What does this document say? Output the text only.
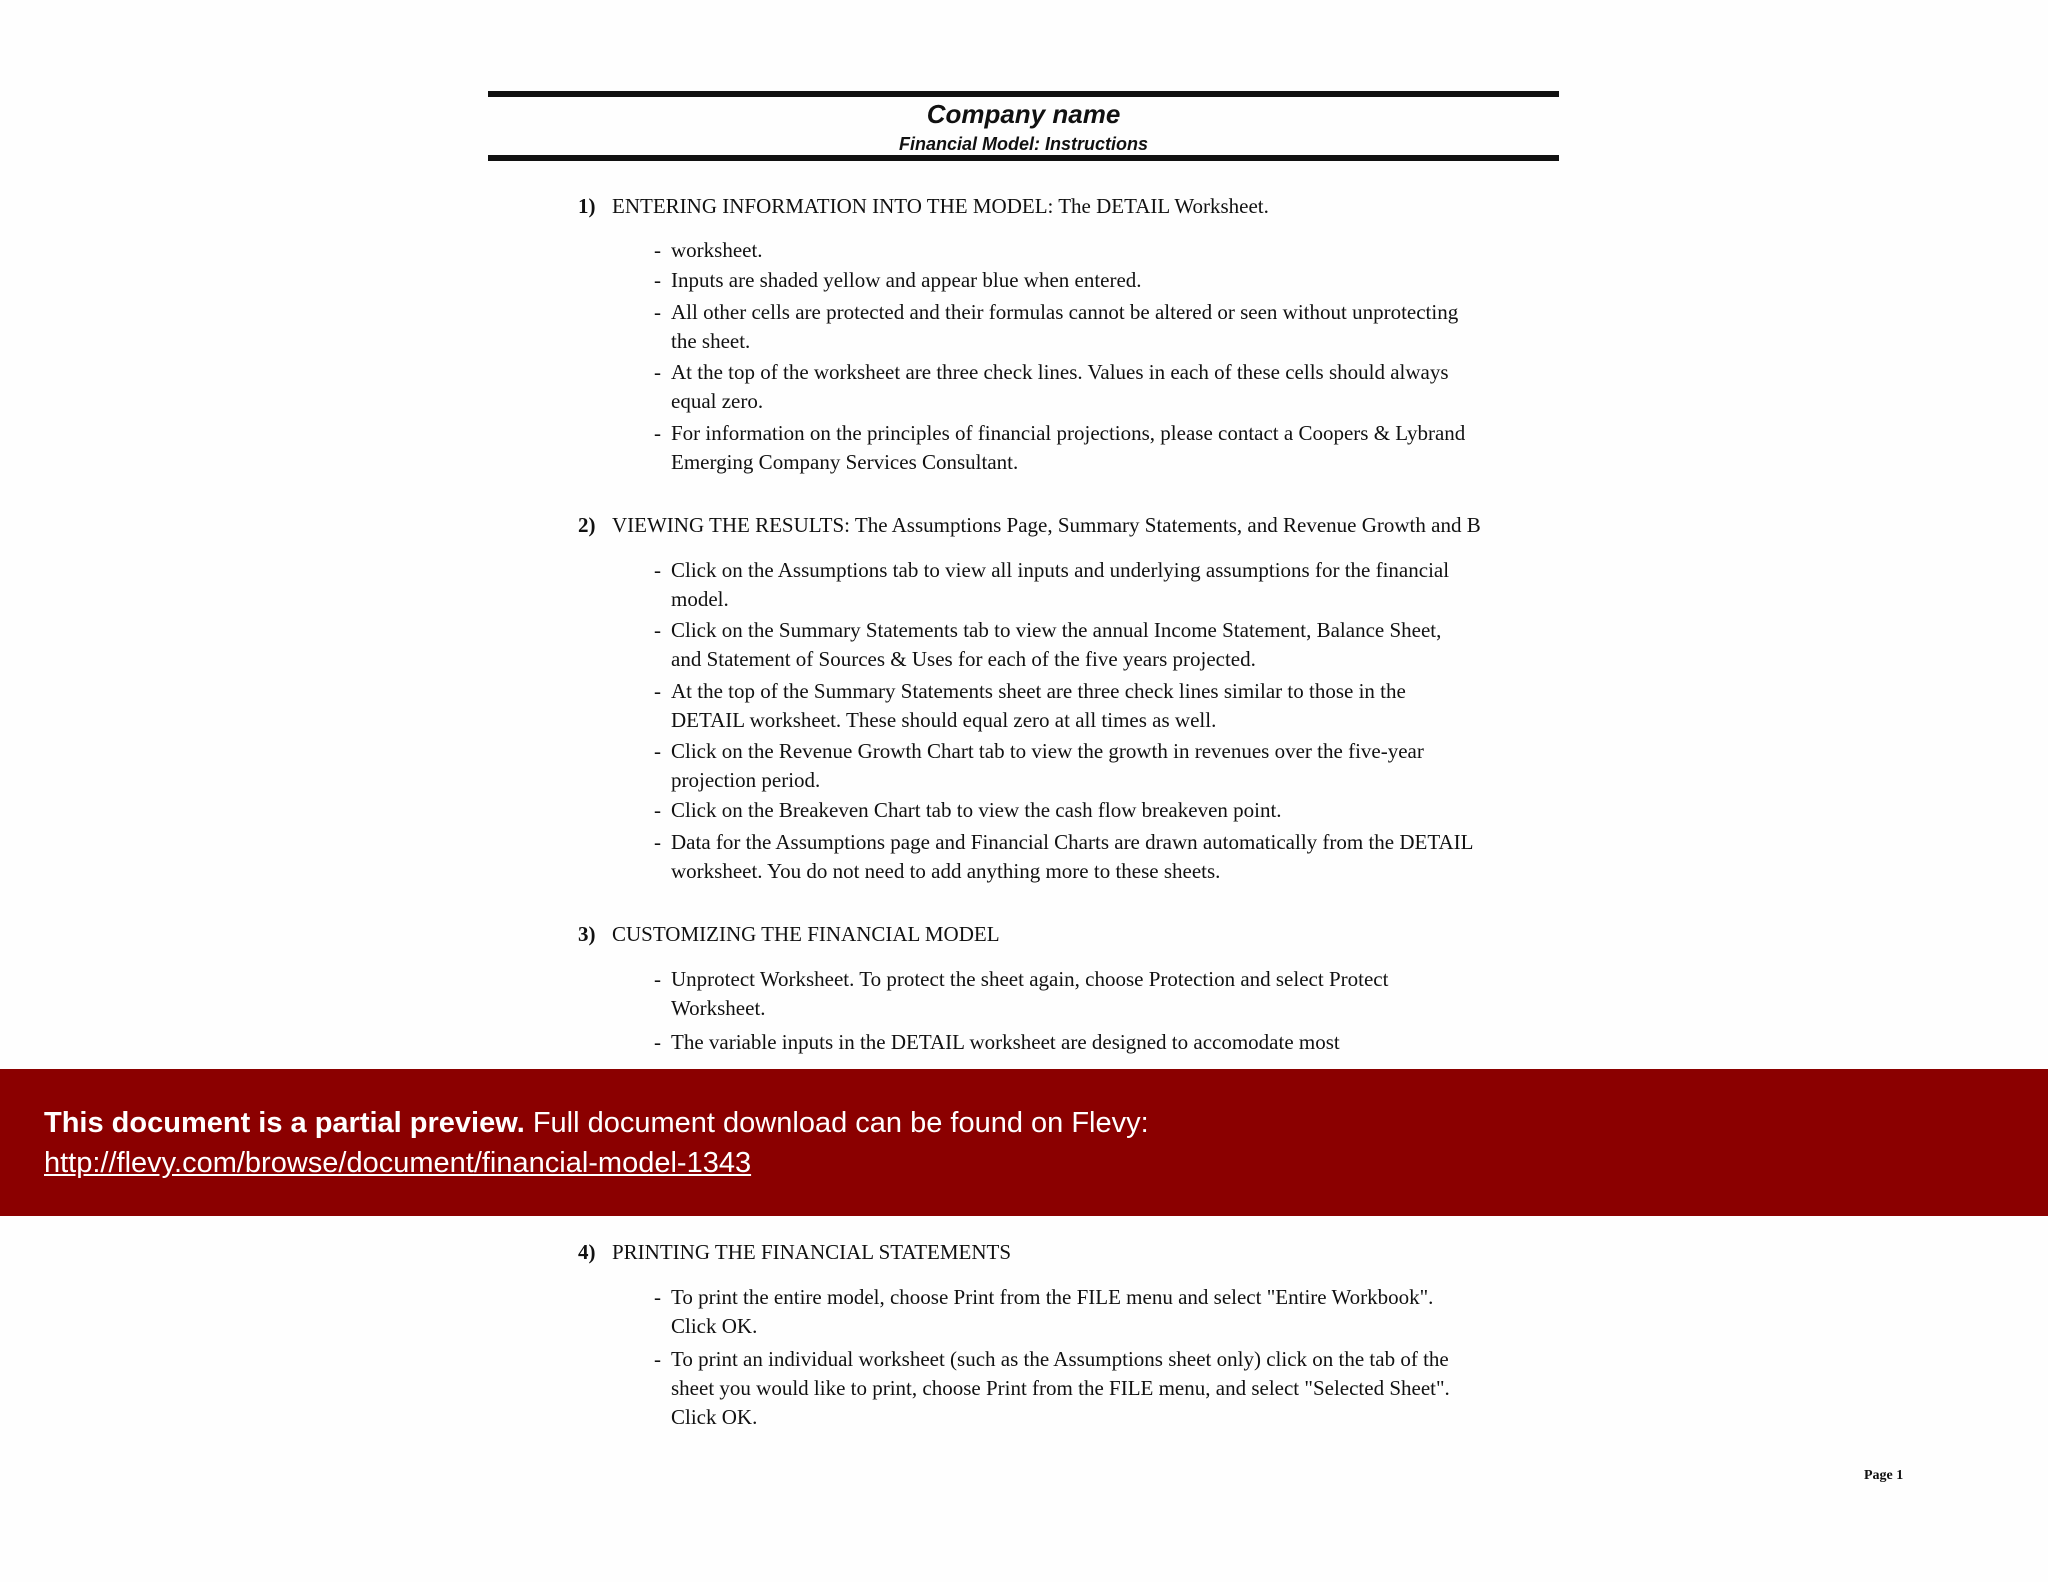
Company name
Financial Model: Instructions
1) ENTERING INFORMATION INTO THE MODEL: The DETAIL Worksheet.
- worksheet.
- Inputs are shaded yellow and appear blue when entered.
- All other cells are protected and their formulas cannot be altered or seen without unprotecting the sheet.
- At the top of the worksheet are three check lines. Values in each of these cells should always equal zero.
- For information on the principles of financial projections, please contact a Coopers & Lybrand Emerging Company Services Consultant.
2) VIEWING THE RESULTS: The Assumptions Page, Summary Statements, and Revenue Growth and B
- Click on the Assumptions tab to view all inputs and underlying assumptions for the financial model.
- Click on the Summary Statements tab to view the annual Income Statement, Balance Sheet, and Statement of Sources & Uses for each of the five years projected.
- At the top of the Summary Statements sheet are three check lines similar to those in the DETAIL worksheet. These should equal zero at all times as well.
- Click on the Revenue Growth Chart tab to view the growth in revenues over the five-year projection period.
- Click on the Breakeven Chart tab to view the cash flow breakeven point.
- Data for the Assumptions page and Financial Charts are drawn automatically from the DETAIL worksheet. You do not need to add anything more to these sheets.
3) CUSTOMIZING THE FINANCIAL MODEL
- Unprotect Worksheet. To protect the sheet again, choose Protection and select Protect Worksheet.
- The variable inputs in the DETAIL worksheet are designed to accomodate most
This document is a partial preview. Full document download can be found on Flevy:
http://flevy.com/browse/document/financial-model-1343
4) PRINTING THE FINANCIAL STATEMENTS
- To print the entire model, choose Print from the FILE menu and select "Entire Workbook". Click OK.
- To print an individual worksheet (such as the Assumptions sheet only) click on the tab of the sheet you would like to print, choose Print from the FILE menu, and select "Selected Sheet". Click OK.
Page 1
